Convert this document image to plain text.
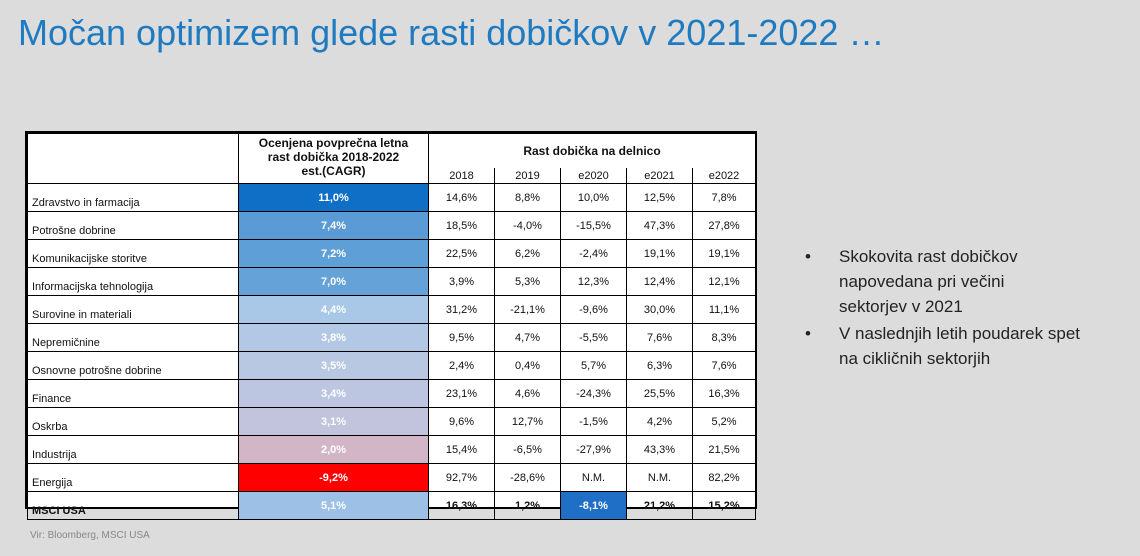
Močan optimizem glede rasti dobičkov v 2021-2022 …

	Ocenjena povprečna letna
rast dobička 2018-2022
est.(CAGR)	Rast dobička na delnico				
		2018	2019	e2020	e2021	e2022
Zdravstvo in farmacija	11,0%	14,6%	8,8%	10,0%	12,5%	7,8%
Potrošne dobrine	7,4%	18,5%	-4,0%	-15,5%	47,3%	27,8%
Komunikacijske storitve	7,2%	22,5%	6,2%	-2,4%	19,1%	19,1%
Informacijska tehnologija	7,0%	3,9%	5,3%	12,3%	12,4%	12,1%
Surovine in materiali	4,4%	31,2%	-21,1%	-9,6%	30,0%	11,1%
Nepremičnine	3,8%	9,5%	4,7%	-5,5%	7,6%	8,3%
Osnovne potrošne dobrine	3,5%	2,4%	0,4%	5,7%	6,3%	7,6%
Finance	3,4%	23,1%	4,6%	-24,3%	25,5%	16,3%
Oskrba	3,1%	9,6%	12,7%	-1,5%	4,2%	5,2%
Industrija	2,0%	15,4%	-6,5%	-27,9%	43,3%	21,5%
Energija	-9,2%	92,7%	-28,6%	N.M.	N.M.	82,2%
MSCI USA	5,1%	16,3%	1,2%	-8,1%	21,2%	15,2%
•	Skokovita rast dobičkov
napovedana pri večini
sektorjev v 2021
•	V naslednjih letih poudarek spet
na cikličnih sektorjih
Vir: Bloomberg, MSCI USA
